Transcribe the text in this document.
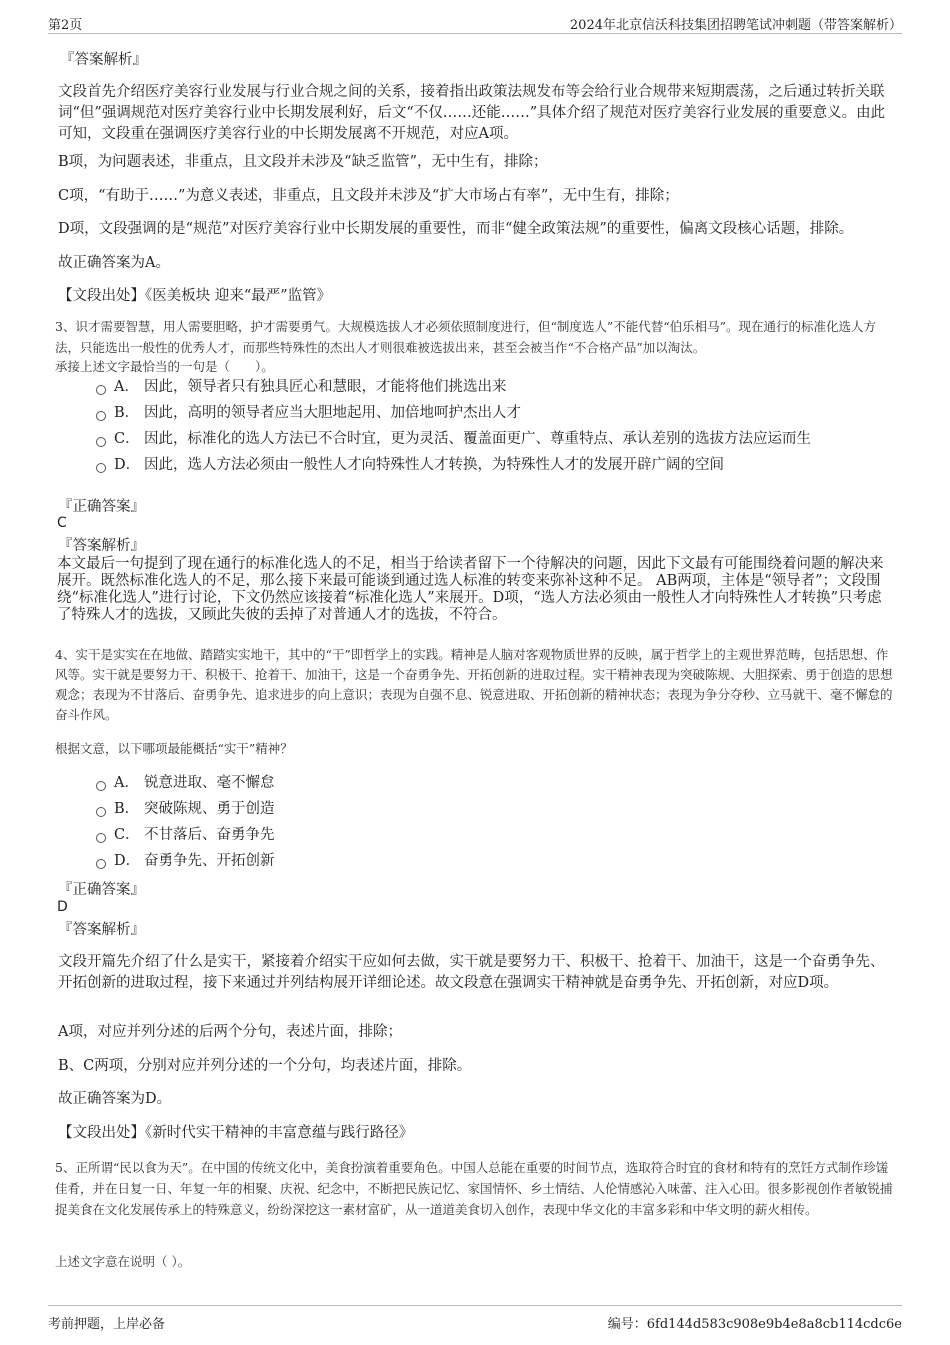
第2页	2024年北京信沃科技集团招聘笔试冲刺题（带答案解析）
『答案解析』

文段首先介绍医疗美容行业发展与行业合规之间的关系，接着指出政策法规发布等会给行业合规带来短期震荡，之后通过转折关联词“但”强调规范对医疗美容行业中长期发展利好，后文“不仅……还能……”具体介绍了规范对医疗美容行业发展的重要意义。由此可知，文段重在强调医疗美容行业的中长期发展离不开规范，对应A项。

B项，为问题表述，非重点，且文段并未涉及“缺乏监管”，无中生有，排除；

C项，“有助于……”为意义表述，非重点，且文段并未涉及“扩大市场占有率”，无中生有，排除；

D项，文段强调的是“规范”对医疗美容行业中长期发展的重要性，而非“健全政策法规”的重要性，偏离文段核心话题，排除。

故正确答案为A。

【文段出处】《医美板块 迎来“最严”监管》

3、识才需要智慧，用人需要胆略，护才需要勇气。大规模选拔人才必须依照制度进行，但“制度选人”不能代替“伯乐相马”。现在通行的标准化选人方法，只能选出一般性的优秀人才，而那些特殊性的杰出人才则很难被选拔出来，甚至会被当作“不合格产品”加以淘汰。

承接上述文字最恰当的一句是（　　）。

A． 因此，领导者只有独具匠心和慧眼，才能将他们挑选出来
B． 因此，高明的领导者应当大胆地起用、加倍地呵护杰出人才
C． 因此，标准化的选人方法已不合时宜，更为灵活、覆盖面更广、尊重特点、承认差别的选拔方法应运而生
D． 因此，选人方法必须由一般性人才向特殊性人才转换，为特殊性人才的发展开辟广阔的空间
『正确答案』
C
『答案解析』

本文最后一句提到了现在通行的标准化选人的不足，相当于给读者留下一个待解决的问题，因此下文最有可能围绕着问题的解决来展开。既然标准化选人的不足，那么接下来最可能谈到通过选人标准的转变来弥补这种不足。 AB两项，主体是“领导者”；文段围绕“标准化选人”进行讨论，下文仍然应该接着“标准化选人”来展开。D项，“选人方法必须由一般性人才向特殊性人才转换”只考虑了特殊人才的选拔，又顾此失彼的丢掉了对普通人才的选拔，不符合。

4、实干是实实在在地做、踏踏实实地干，其中的“干”即哲学上的实践。精神是人脑对客观物质世界的反映，属于哲学上的主观世界范畴，包括思想、作风等。实干就是要努力干、积极干、抢着干、加油干，这是一个奋勇争先、开拓创新的进取过程。实干精神表现为突破陈规、大胆探索、勇于创造的思想观念；表现为不甘落后、奋勇争先、追求进步的向上意识；表现为自强不息、锐意进取、开拓创新的精神状态；表现为争分夺秒、立马就干、毫不懈怠的奋斗作风。

根据文意，以下哪项最能概括“实干”精神？

A． 锐意进取、毫不懈怠
B． 突破陈规、勇于创造
C． 不甘落后、奋勇争先
D． 奋勇争先、开拓创新
『正确答案』
D
『答案解析』

文段开篇先介绍了什么是实干，紧接着介绍实干应如何去做，实干就是要努力干、积极干、抢着干、加油干，这是一个奋勇争先、开拓创新的进取过程，接下来通过并列结构展开详细论述。故文段意在强调实干精神就是奋勇争先、开拓创新，对应D项。

A项，对应并列分述的后两个分句，表述片面，排除；

B、C两项，分别对应并列分述的一个分句，均表述片面，排除。

故正确答案为D。

【文段出处】《新时代实干精神的丰富意蕴与践行路径》

5、正所谓“民以食为天”。在中国的传统文化中，美食扮演着重要角色。中国人总能在重要的时间节点，选取符合时宜的食材和特有的烹饪方式制作珍馐佳肴，并在日复一日、年复一年的相聚、庆祝、纪念中，不断把民族记忆、家国情怀、乡土情结、人伦情感沁入味蕾、注入心田。很多影视创作者敏锐捕捉美食在文化发展传承上的特殊意义，纷纷深挖这一素材富矿，从一道道美食切入创作，表现中华文化的丰富多彩和中华文明的薪火相传。

上述文字意在说明（ ）。

考前押题，上岸必备	编号：6fd144d583c908e9b4e8a8cb114cdc6e
